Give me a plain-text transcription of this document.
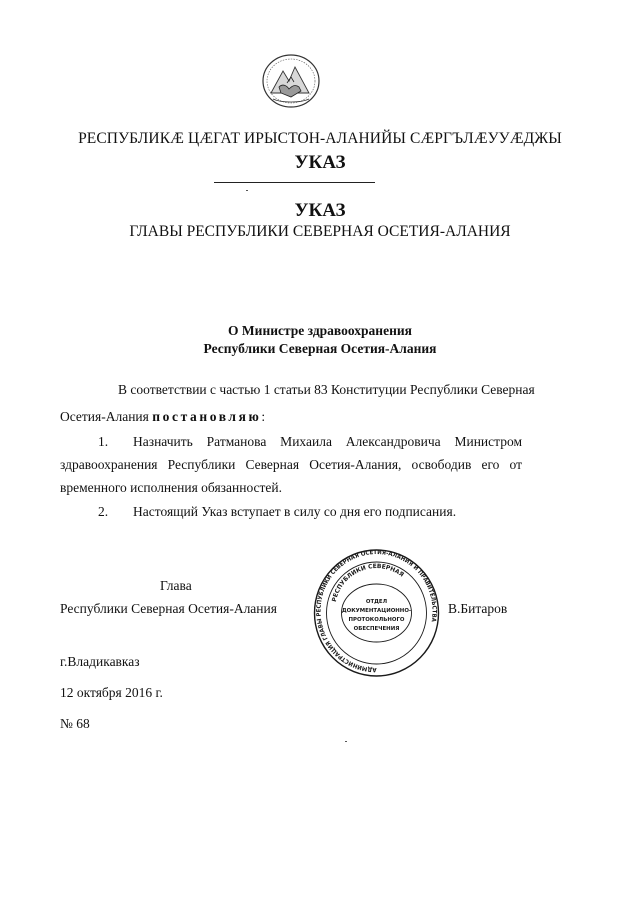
РЕСПУБЛИКӔ ЦӔГАТ ИРЫСТОН-АЛАНИЙЫ СӔРГЪЛӔУУӔДЖЫ
УКАЗ
УКАЗ
ГЛАВЫ РЕСПУБЛИКИ СЕВЕРНАЯ ОСЕТИЯ-АЛАНИЯ
О Министре здравоохранения
Республики Северная Осетия-Алания
В соответствии с частью 1 статьи 83 Конституции Республики Северная
Осетия-Алания постановляю:
1. Назначить Ратманова Михаила Александровича Министром
здравоохранения Республики Северная Осетия-Алания, освободив его от
временного исполнения обязанностей.
2. Настоящий Указ вступает в силу со дня его подписания.
Глава
Республики Северная Осетия-Алания	В.Битаров
АДМИНИСТРАЦИЯ ГЛАВЫ РЕСПУБЛИКИ СЕВЕРНАЯ ОСЕТИЯ-АЛАНИЯ И ПРАВИТЕЛЬСТВА
РЕСПУБЛИКИ СЕВЕРНАЯ
ОТДЕЛ
ДОКУМЕНТАЦИОННО-
ПРОТОКОЛЬНОГО
ОБЕСПЕЧЕНИЯ
г.Владикавказ
12 октября 2016 г.
№ 68
